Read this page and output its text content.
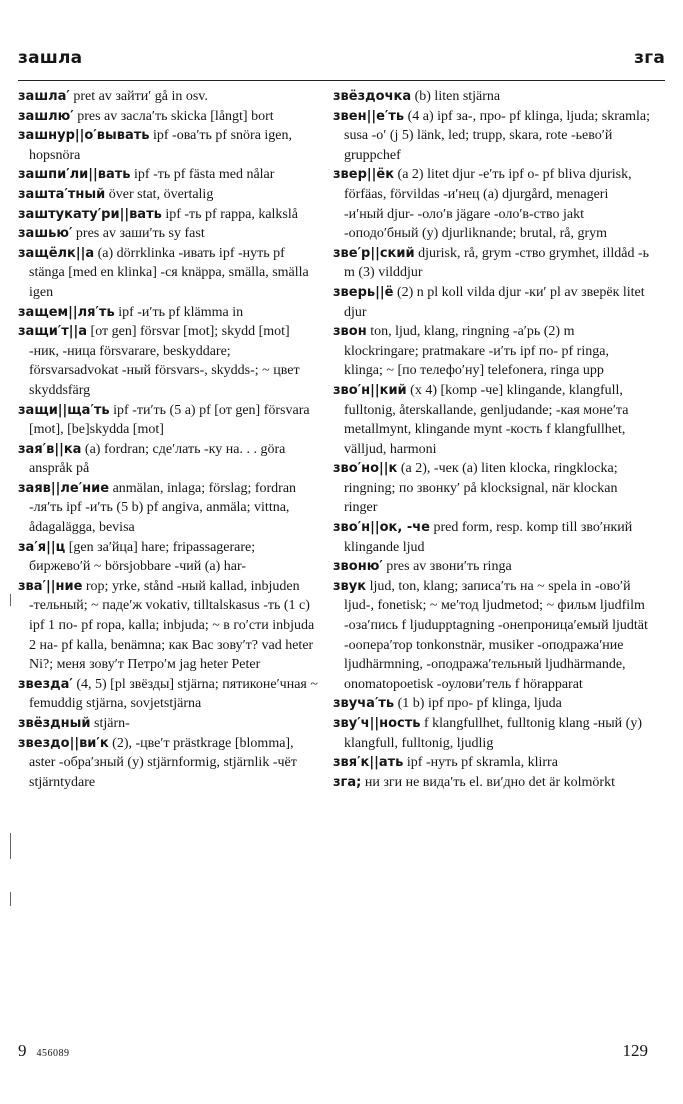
зашла	зга

зашла′ pret av зайти′ gå in osv.

зашлю′ pres av засла′ть skicka [långt] bort

зашнур||о′вывать ipf -ова′ть pf snöra igen, hopsnöra

зашпи′ли||вать ipf -ть pf fästa med nålar

зашта′тный över stat, övertalig

заштукату′ри||вать ipf -ть pf rappa, kalkslå

зашью′ pres av заши′ть sy fast

защёлк||а (a) dörrklinka -ивать ipf -нуть pf stänga [med en klinka] -ся knäppa, smälla, smälla igen

защем||ля′ть ipf -и′ть pf klämma in

защи′т||а [от gen] försvar [mot]; skydd [mot] -ник, -ница försvarare, beskyddare; försvarsadvokat -ный försvars-, skydds-; ~ цвет skyddsfärg

защи||ща′ть ipf -ти′ть (5 a) pf [от gen] försvara [mot], [be]skydda [mot]

зая′в||ка (a) fordran; сде′лать -ку на. . . göra anspråk på

заяв||ле′ние anmälan, inlaga; förslag; fordran -ля′ть ipf -и′ть (5 b) pf angiva, anmäla; vittna, ådagalägga, bevisa

за′я||ц [gen за′йца] hare; fripassagerare; биржево′й ~ börsjobbare -чий (a) har-

зва′||ние rop; yrke, stånd -ный kallad, inbjuden -тельный; ~ паде′ж vokativ, tilltalskasus -ть (1 c) ipf 1 по- pf ropa, kalla; inbjuda; ~ в го′сти inbjuda 2 на- pf kalla, benämna; как Вас зову′т? vad heter Ni?; меня зову′т Петро′м jag heter Peter

звезда′ (4, 5) [pl звёзды] stjärna; пятиконе′чная ~ femuddig stjärna, sovjetstjärna

звёздный stjärn-

звездо||ви′к (2), -цве′т prästkrage [blomma], aster -обра′зный (y) stjärnformig, stjärnlik -чёт stjärntydare

звёздочка (b) liten stjärna

звен||е′ть (4 a) ipf за-, про- pf klinga, ljuda; skramla; susa -о′ (j 5) länk, led; trupp, skara, rote -ьево′й gruppchef

звер||ёк (a 2) litet djur -е′ть ipf о- pf bliva djurisk, förfäas, förvildas -и′нец (a) djurgård, menageri -и′ный djur- -оло′в jägare -оло′в-ство jakt -оподо′бный (y) djurliknande; brutal, rå, grym

зве′р||ский djurisk, rå, grym -ство grymhet, illdåd -ь m (3) vilddjur

зверь||ё (2) n pl koll vilda djur -ки′ pl av зверёк litet djur

звон ton, ljud, klang, ringning -а′рь (2) m klockringare; pratmakare -и′ть ipf по- pf ringa, klinga; ~ [по телефо′ну] telefonera, ringa upp

зво′н||кий (x 4) [komp -че] klingande, klangfull, fulltonig, återskallande, genljudande; -кая моне′та metallmynt, klingande mynt -кость f klangfullhet, välljud, harmoni

зво′но||к (a 2), -чек (a) liten klocka, ringklocka; ringning; по звонку′ på klocksignal, när klockan ringer

зво′н||ок, -че pred form, resp. komp till зво′нкий klingande ljud

звоню′ pres av звони′ть ringa

звук ljud, ton, klang; записа′ть на ~ spela in -ово′й ljud-, fonetisk; ~ ме′тод ljudmetod; ~ фильм ljudfilm -оза′пись f ljudupptagning -онепроница′емый ljudtät -оопера′тор tonkonstnär, musiker -оподража′ние ljudhärmning, -оподража′тельный ljudhärmande, onomatopoetisk -оулови′тель f hörapparat

звуча′ть (1 b) ipf про- pf klinga, ljuda

зву′ч||ность f klangfullhet, fulltonig klang -ный (y) klangfull, fulltonig, ljudlig

звя′к||ать ipf -нуть pf skramla, klirra

зга; ни зги не вида′ть el. ви′дно det är kolmörkt

9 456089	129
